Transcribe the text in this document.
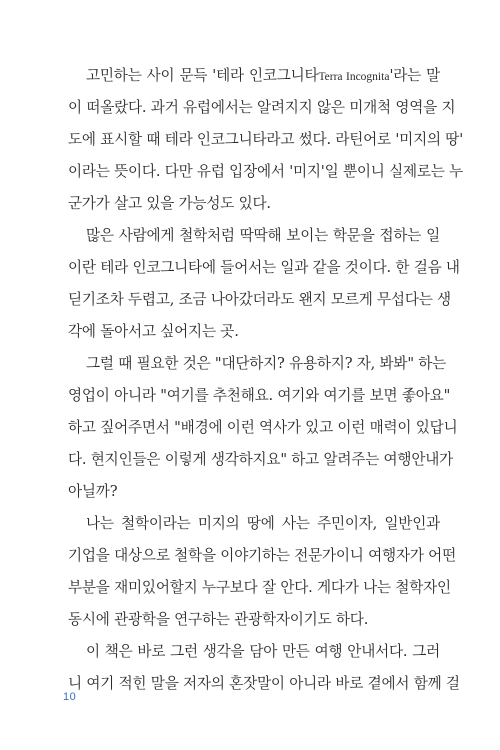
고민하는 사이 문득 '테라 인코그니타Terra Incognita'라는 말
이 떠올랐다. 과거 유럽에서는 알려지지 않은 미개척 영역을 지
도에 표시할 때 테라 인코그니타라고 썼다. 라틴어로 '미지의 땅'
이라는 뜻이다. 다만 유럽 입장에서 '미지'일 뿐이니 실제로는 누
군가가 살고 있을 가능성도 있다.
많은 사람에게 철학처럼 딱딱해 보이는 학문을 접하는 일
이란 테라 인코그니타에 들어서는 일과 같을 것이다. 한 걸음 내
딛기조차 두렵고, 조금 나아갔더라도 왠지 모르게 무섭다는 생
각에 돌아서고 싶어지는 곳.
그럴 때 필요한 것은 "대단하지? 유용하지? 자, 봐봐" 하는
영업이 아니라 "여기를 추천해요. 여기와 여기를 보면 좋아요"
하고 짚어주면서 "배경에 이런 역사가 있고 이런 매력이 있답니
다. 현지인들은 이렇게 생각하지요" 하고 알려주는 여행안내가
아닐까?
나는 철학이라는 미지의 땅에 사는 주민이자, 일반인과
기업을 대상으로 철학을 이야기하는 전문가이니 여행자가 어떤
부분을 재미있어할지 누구보다 잘 안다. 게다가 나는 철학자인
동시에 관광학을 연구하는 관광학자이기도 하다.
이 책은 바로 그런 생각을 담아 만든 여행 안내서다. 그러
니 여기 적힌 말을 저자의 혼잣말이 아니라 바로 곁에서 함께 걸
10
